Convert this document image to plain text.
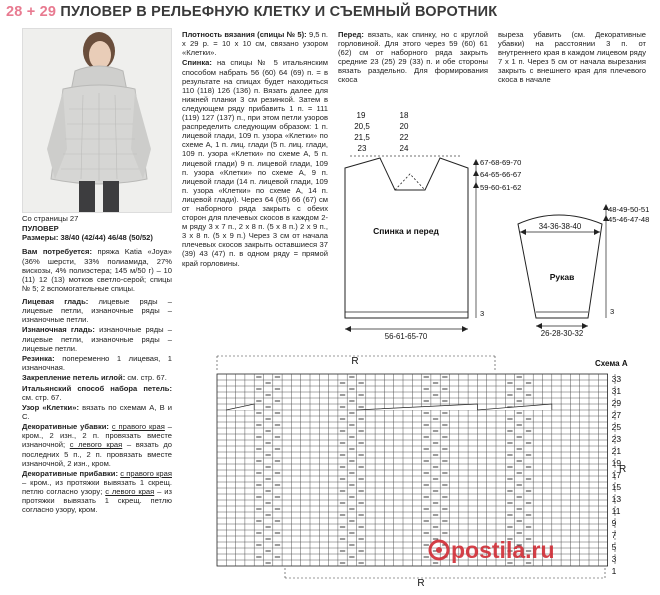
28 + 29 ПУЛОВЕР В РЕЛЬЕФНУЮ КЛЕТКУ И СЪЕМНЫЙ ВОРОТНИК

Со страницы 27

ПУЛОВЕР

Размеры: 38/40 (42/44) 46/48 (50/52)

Вам потребуется: пряжа Katia «Joya» (36% шерсти, 33% полиамида, 27% вискозы, 4% полиэстера; 145 м/50 г) – 10 (11) 12 (13) мотков светло-серой; спицы № 5; 2 вспомогательные спицы.

Лицевая гладь: лицевые ряды – лицевые петли, изнаночные ряды – изнаночные петли.

Изнаночная гладь: изнаночные ряды – лицевые петли, изнаночные ряды – лицевые петли.

Резинка: попеременно 1 лицевая, 1 изнаночная.

Закрепление петель иглой: см. стр. 67.

Итальянский способ набора петель: см. стр. 67.

Узор «Клетки»: вязать по схемам А, В и С.

Декоративные убавки: с правого края – кром., 2 изн., 2 п. провязать вместе изнаночной; с левого края – вязать до последних 5 п., 2 п. провязать вместе изнаночной, 2 изн., кром.

Декоративные прибавки: с правого края – кром., из протяжки вывязать 1 скрещ. петлю согласно узору; с левого края – из протяжки вывязать 1 скрещ. петлю согласно узору, кром.

Плотность вязания (спицы № 5): 9,5 п. х 29 р. = 10 х 10 см, связано узором «Клетки».

Спинка: на спицы № 5 итальянским способом набрать 56 (60) 64 (69) п. = в результате на спицах будет находиться 110 (118) 126 (136) п. Вязать далее для нижней планки 3 см резинкой. Затем в следующем ряду прибавить 1 п. = 111 (119) 127 (137) п., при этом петли узоров распределить следующим образом: 1 п. лицевой глади, 109 п. узора «Клетки» по схеме А, 1 п. лиц. глади (5 п. лиц. глади, 109 п. узора «Клетки» по схеме А, 5 п. лицевой глади) 9 п. лицевой глади, 109 п. узора «Клетки» по схеме А, 9 п. лицевой глади (14 п. лицевой глади, 109 п. узора «Клетки» по схеме А, 14 п. лицевой глади). Через 64 (65) 66 (67) см от наборного ряда закрыть с обеих сторон для плечевых скосов в каждом 2-м ряду 3 х 7 п., 2 х 8 п. (5 х 8 п.) 2 х 9 п., 3 х 8 п. (5 х 9 п.) Через 3 см от начала плечевых скосов закрыть оставшиеся 37 (39) 43 (47) п. в одном ряду = прямой край горловины.

Перед: вязать, как спинку, но с круглой горловиной. Для этого через 59 (60) 61 (62) см от наборного ряда закрыть средние 23 (25) 29 (33) п. и обе стороны вязать раздельно. Для формирования скоса

выреза убавить (см. Декоративные убавки) на расстоянии 3 п. от внутреннего края в каждом лицевом ряду 7 х 1 п. Через 5 см от начала вырезания закрыть с внешнего края для плечевого скоса в начале

19
20,5
21,5
23
18
20
22
24
Спинка и перед
67-68-69-70
64-65-66-67
59-60-61-62
3
56-61-65-70
34-36-38-40
Рукав
48-49-50-51
45-46-47-48
3
26-28-30-32
R	Схема А
33
31
29
27
25
23
21
19
17
15
13
11
9
7
5
3
1
R
R
postila.ru
